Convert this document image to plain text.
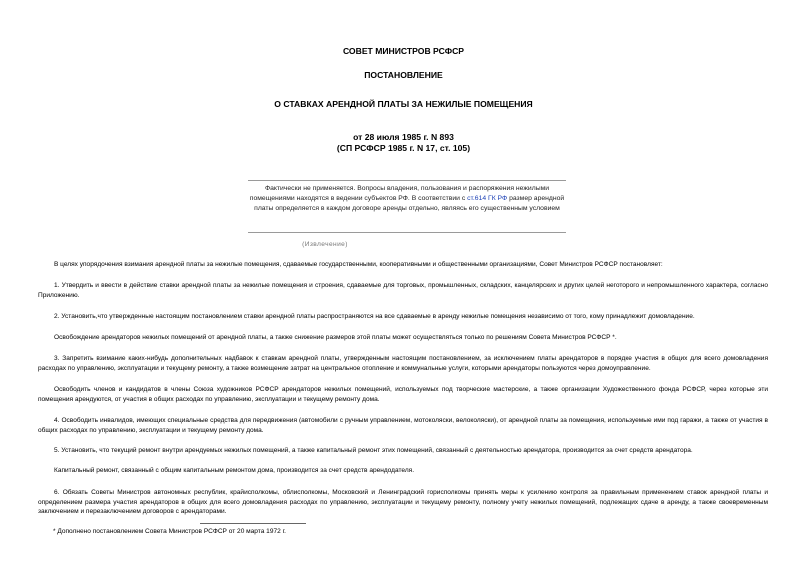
СОВЕТ МИНИСТРОВ РСФСР
ПОСТАНОВЛЕНИЕ
О СТАВКАХ АРЕНДНОЙ ПЛАТЫ ЗА НЕЖИЛЫЕ ПОМЕЩЕНИЯ
от 28 июля 1985 г. N 893
(СП РСФСР 1985 г. N 17, ст. 105)
Фактически не применяется. Вопросы владения, пользования и распоряжения нежилыми помещениями находятся в ведении субъектов РФ. В соответствии с ст.614 ГК РФ размер арендной платы определяется в каждом договоре аренды отдельно, являясь его существенным условием
(Извлечение)
В целях упорядочения взимания арендной платы за нежилые помещения, сдаваемые государственными, кооперативными и общественными организациями, Совет Министров РСФСР постановляет:
1. Утвердить и ввести в действие ставки арендной платы за нежилые помещения и строения, сдаваемые для торговых, промышленных, складских, канцелярских и других целей неготорого и непромышленного характера, согласно Приложению.
2. Установить,что утвержденные настоящим постановлением ставки арендной платы распространяются на все сдаваемые в аренду нежилые помещения независимо от того, кому принадлежит домовладение.
Освобождение арендаторов нежилых помещений от арендной платы, а также снижение размеров этой платы может осуществляться только по решениям Совета Министров РСФСР *.
3. Запретить взимание каких-нибудь дополнительных надбавок к ставкам арендной платы, утвержденным настоящим постановлением, за исключением платы арендаторов в порядке участия в общих для всего домовладения расходах по управлению, эксплуатации и текущему ремонту, а также возмещение затрат на центральное отопление и коммунальные услуги, которыми арендаторы пользуются через домоуправление.
Освободить членов и кандидатов в члены Союза художников РСФСР арендаторов нежилых помещений, используемых под творческие мастерские, а также организации Художественного фонда РСФСР, через которые эти помещения арендуются, от участия в общих расходах по управлению, эксплуатации и текущему ремонту дома.
4. Освободить инвалидов, имеющих специальные средства для передвижения (автомобили с ручным управлением, мотоколяски, велоколяски), от арендной платы за помещения, используемые ими под гаражи, а также от участия в общих расходах по управлению, эксплуатации и текущему ремонту дома.
5. Установить, что текущий ремонт внутри арендуемых нежилых помещений, а также капитальный ремонт этих помещений, связанный с деятельностью арендатора, производится за счет средств арендатора.
Капитальный ремонт, связанный с общим капитальным ремонтом дома, производится за счет средств арендодателя.
6. Обязать Советы Министров автономных республик, крайисполкомы, облисполкомы, Московский и Ленинградский горисполкомы принять меры к усилению контроля за правильным применением ставок арендной платы и определением размера участия арендаторов в общих для всего домовладения расходах по управлению, эксплуатации и текущему ремонту, полному учету нежилых помещений, подлежащих сдаче в аренду, а также своевременным заключением и перезаключением договоров с арендаторами.
* Дополнено постановлением Совета Министров РСФСР от 20 марта 1972 г.
